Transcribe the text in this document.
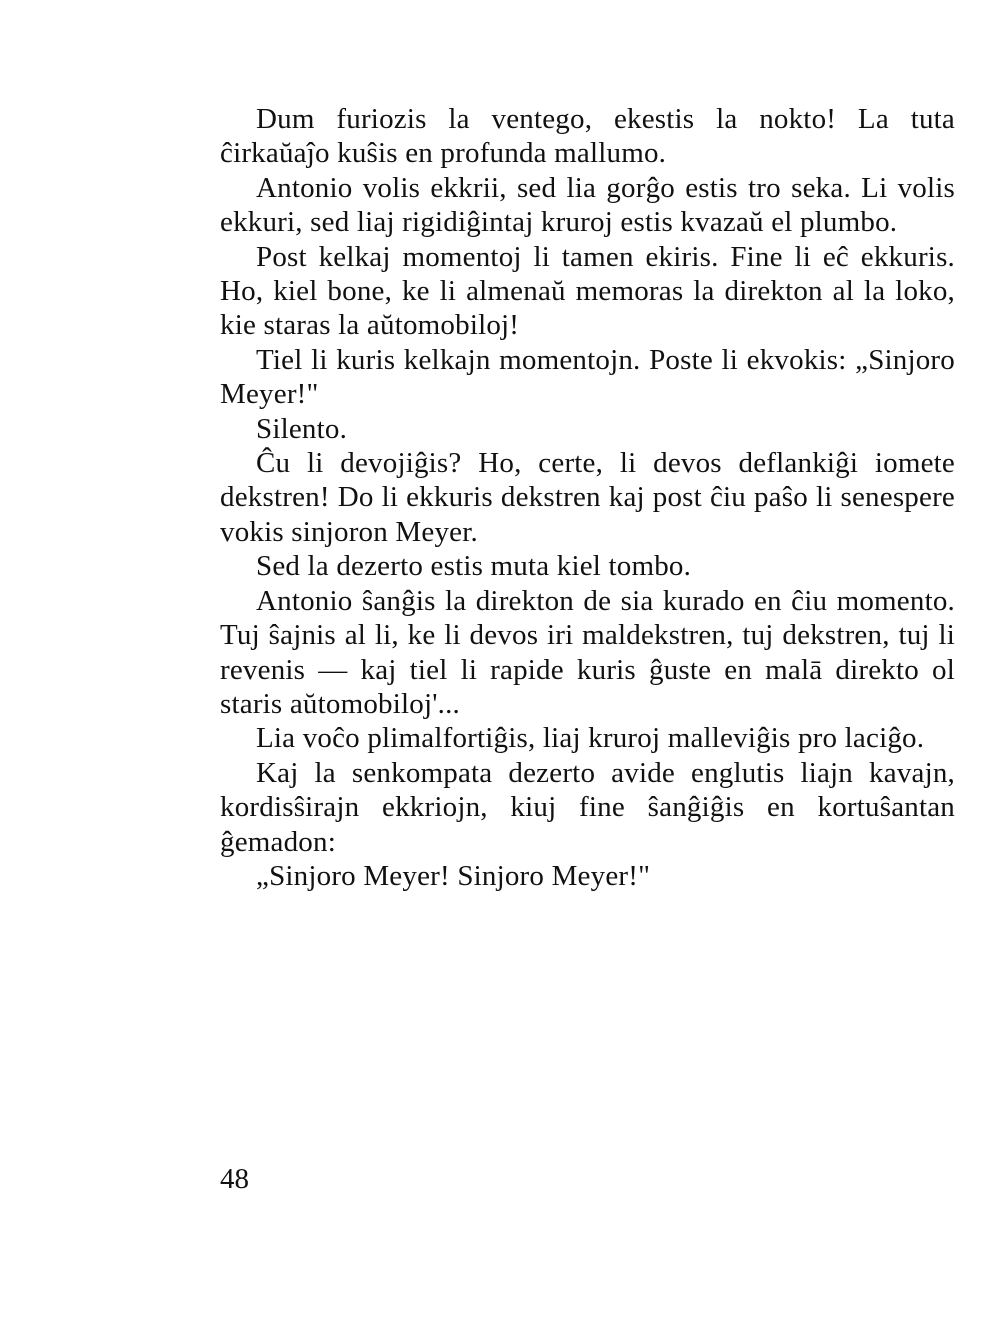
Dum furiozis la ventego, ekestis la nokto! La tuta ĉirkaŭaĵo kuŝis en profunda mallumo.

Antonio volis ekkrii, sed lia gorĝo estis tro seka. Li volis ekkuri, sed liaj rigidiĝintaj kruroj estis kvazaŭ el plumbo.

Post kelkaj momentoj li tamen ekiris. Fine li eĉ ekkuris. Ho, kiel bone, ke li almenaŭ memoras la direkton al la loko, kie staras la aŭtomobiloj!

Tiel li kuris kelkajn momentojn. Poste li ekvokis: „Sinjoro Meyer!"

Silento.

Ĉu li devojiĝis? Ho, certe, li devos deflankiĝi iomete dekstren! Do li ekkuris dekstren kaj post ĉiu paŝo li senespere vokis sinjoron Meyer.

Sed la dezerto estis muta kiel tombo.

Antonio ŝanĝis la direkton de sia kurado en ĉiu momento. Tuj ŝajnis al li, ke li devos iri maldekstren, tuj dekstren, tuj li revenis — kaj tiel li rapide kuris ĝuste en malā direkto ol staris aŭtomobiloj'...

Lia voĉo plimalfortiĝis, liaj kruroj malleviĝis pro laciĝo.

Kaj la senkompata dezerto avide englutis liajn kavajn, kordisŝirajn ekkriojn, kiuj fine ŝanĝiĝis en kortuŝantan ĝemadon:

„Sinjoro Meyer! Sinjoro Meyer!"

48
